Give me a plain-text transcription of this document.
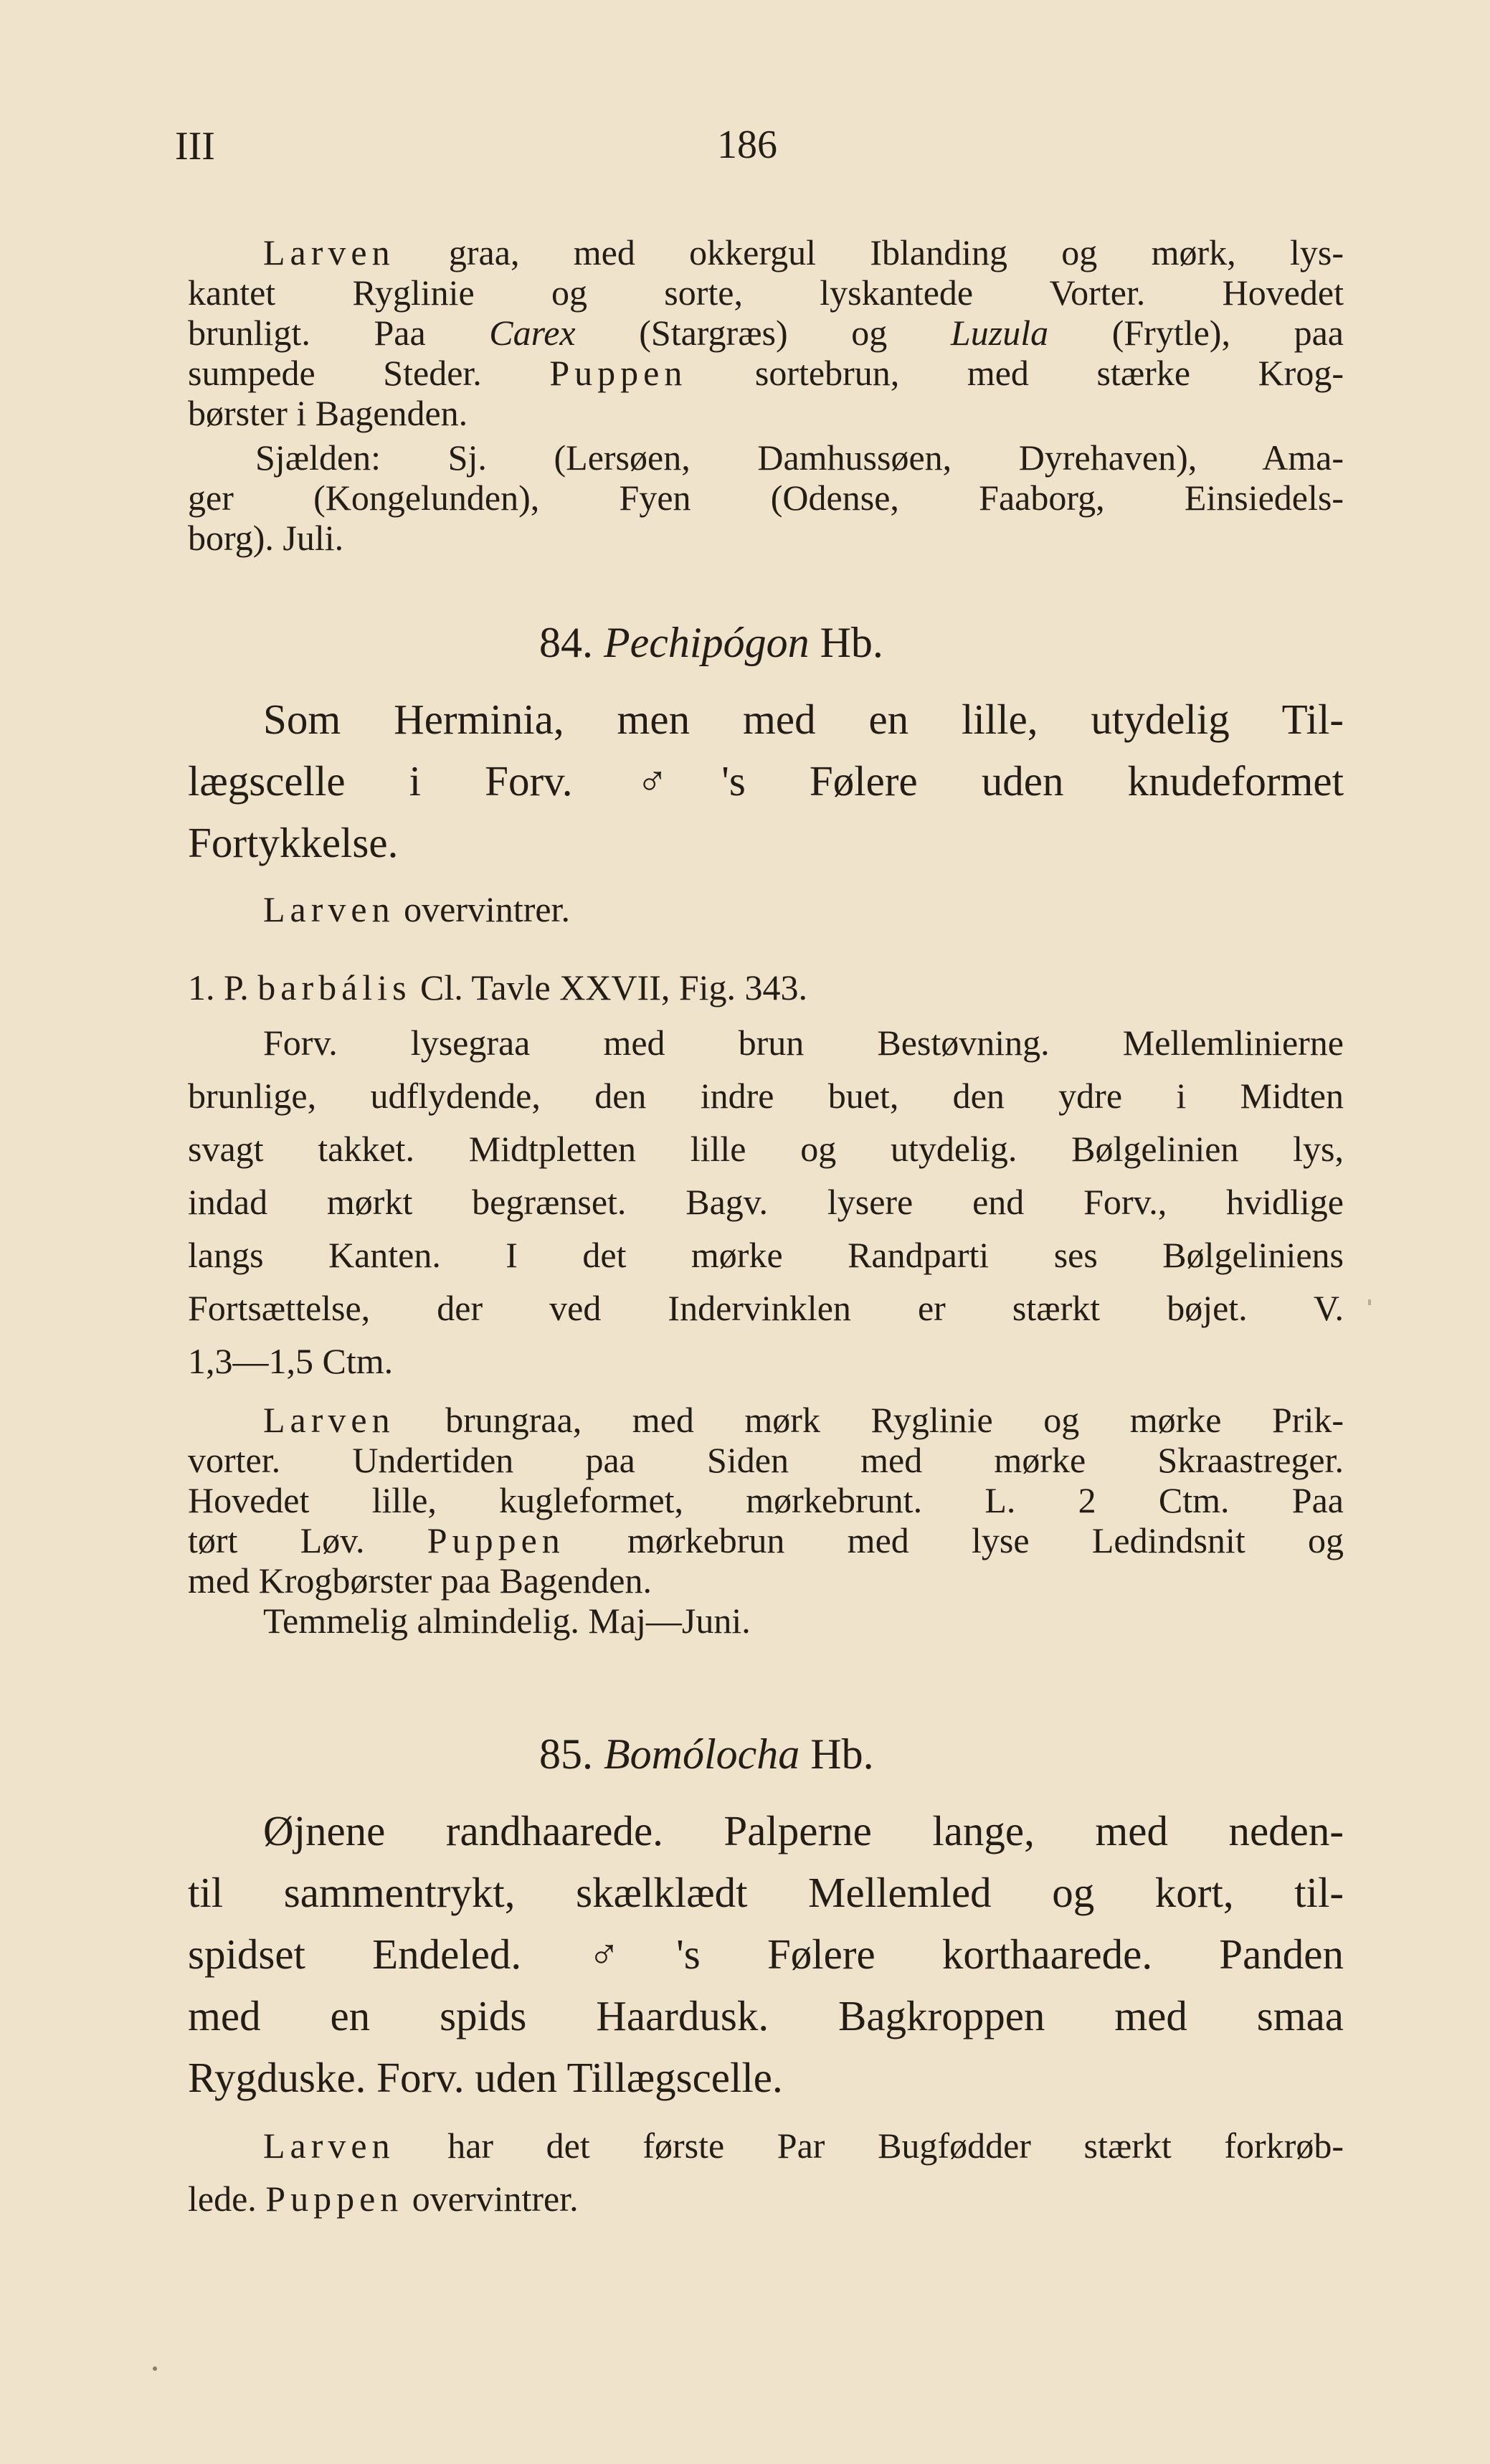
III	186
Larven graa, med okkergul Iblanding og mørk, lys-
kantet Ryglinie og sorte, lyskantede Vorter. Hovedet
brunligt. Paa Carex (Stargræs) og Luzula (Frytle), paa
sumpede Steder. Puppen sortebrun, med stærke Krog-
børster i Bagenden.
Sjælden: Sj. (Lersøen, Damhussøen, Dyrehaven), Ama-
ger (Kongelunden), Fyen (Odense, Faaborg, Einsiedels-
borg). Juli.
84. Pechipógon Hb.
Som Herminia, men med en lille, utydelig Til-
lægscelle i Forv. ♂'s Følere uden knudeformet
Fortykkelse.
Larven overvintrer.
1. P. barbális Cl. Tavle XXVII, Fig. 343.
Forv. lysegraa med brun Bestøvning. Mellemlinierne
brunlige, udflydende, den indre buet, den ydre i Midten
svagt takket. Midtpletten lille og utydelig. Bølgelinien lys,
indad mørkt begrænset. Bagv. lysere end Forv., hvidlige
langs Kanten. I det mørke Randparti ses Bølgeliniens
Fortsættelse, der ved Indervinklen er stærkt bøjet. V.
1,3—1,5 Ctm.
Larven brungraa, med mørk Ryglinie og mørke Prik-
vorter. Undertiden paa Siden med mørke Skraastreger.
Hovedet lille, kugleformet, mørkebrunt. L. 2 Ctm. Paa
tørt Løv. Puppen mørkebrun med lyse Ledindsnit og
med Krogbørster paa Bagenden.
Temmelig almindelig. Maj—Juni.
85. Bomólocha Hb.
Øjnene randhaarede. Palperne lange, med neden-
til sammentrykt, skælklædt Mellemled og kort, til-
spidset Endeled. ♂'s Følere korthaarede. Panden
med en spids Haardusk. Bagkroppen med smaa
Rygduske. Forv. uden Tillægscelle.
Larven har det første Par Bugfødder stærkt forkrøb-
lede. Puppen overvintrer.
